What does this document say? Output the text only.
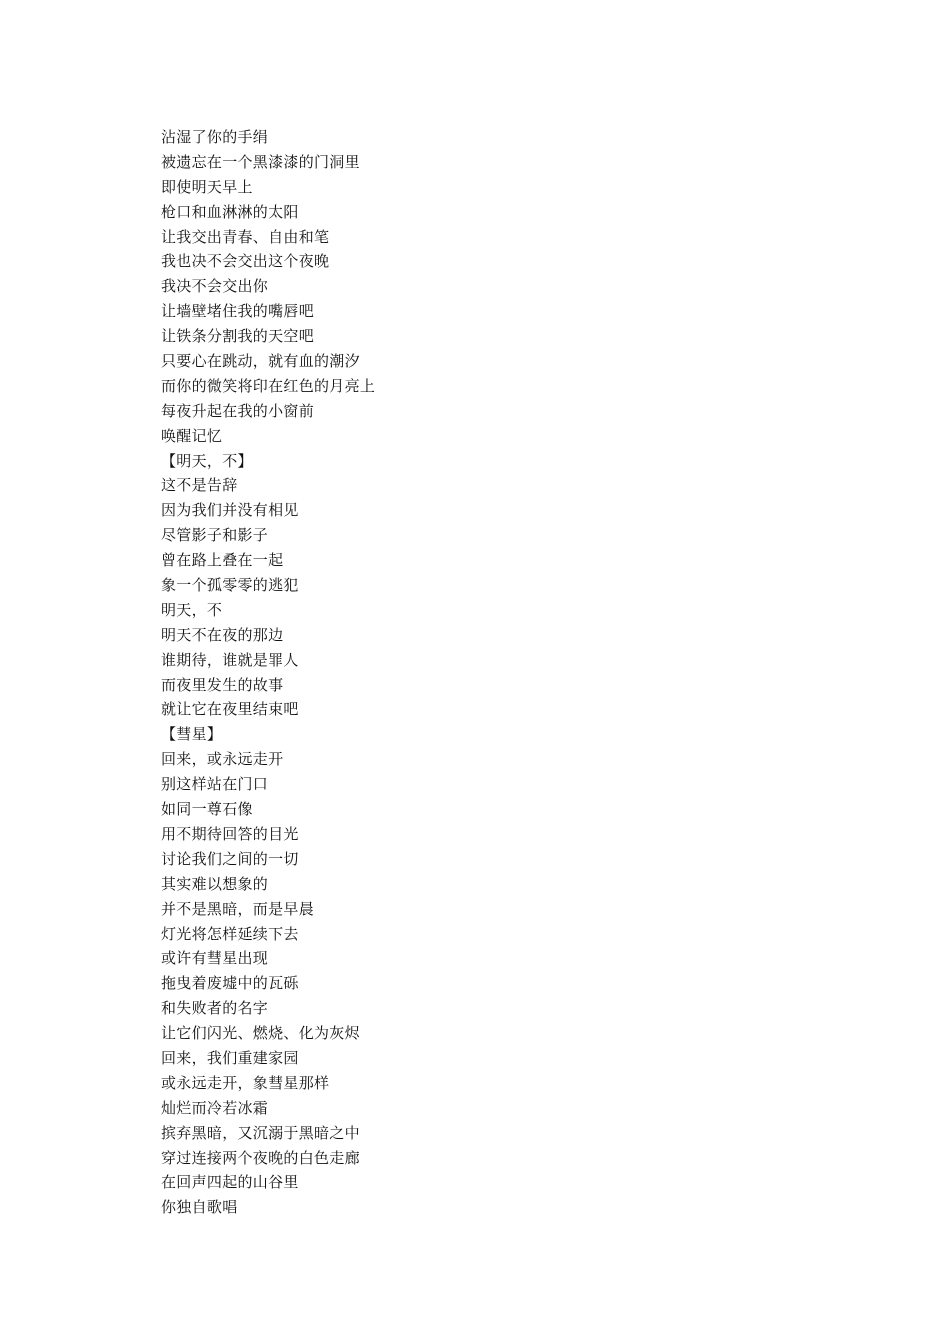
沾湿了你的手绢
被遗忘在一个黑漆漆的门洞里
即使明天早上
枪口和血淋淋的太阳
让我交出青春、自由和笔
我也决不会交出这个夜晚
我决不会交出你
让墙壁堵住我的嘴唇吧
让铁条分割我的天空吧
只要心在跳动，就有血的潮汐
而你的微笑将印在红色的月亮上
每夜升起在我的小窗前
唤醒记忆
【明天，不】
这不是告辞
因为我们并没有相见
尽管影子和影子
曾在路上叠在一起
象一个孤零零的逃犯
明天，不
明天不在夜的那边
谁期待，谁就是罪人
而夜里发生的故事
就让它在夜里结束吧
【彗星】
回来，或永远走开
别这样站在门口
如同一尊石像
用不期待回答的目光
讨论我们之间的一切
其实难以想象的
并不是黑暗，而是早晨
灯光将怎样延续下去
或许有彗星出现
拖曳着废墟中的瓦砾
和失败者的名字
让它们闪光、燃烧、化为灰烬
回来，我们重建家园
或永远走开，象彗星那样
灿烂而冷若冰霜
摈弃黑暗，又沉溺于黑暗之中
穿过连接两个夜晚的白色走廊
在回声四起的山谷里
你独自歌唱
